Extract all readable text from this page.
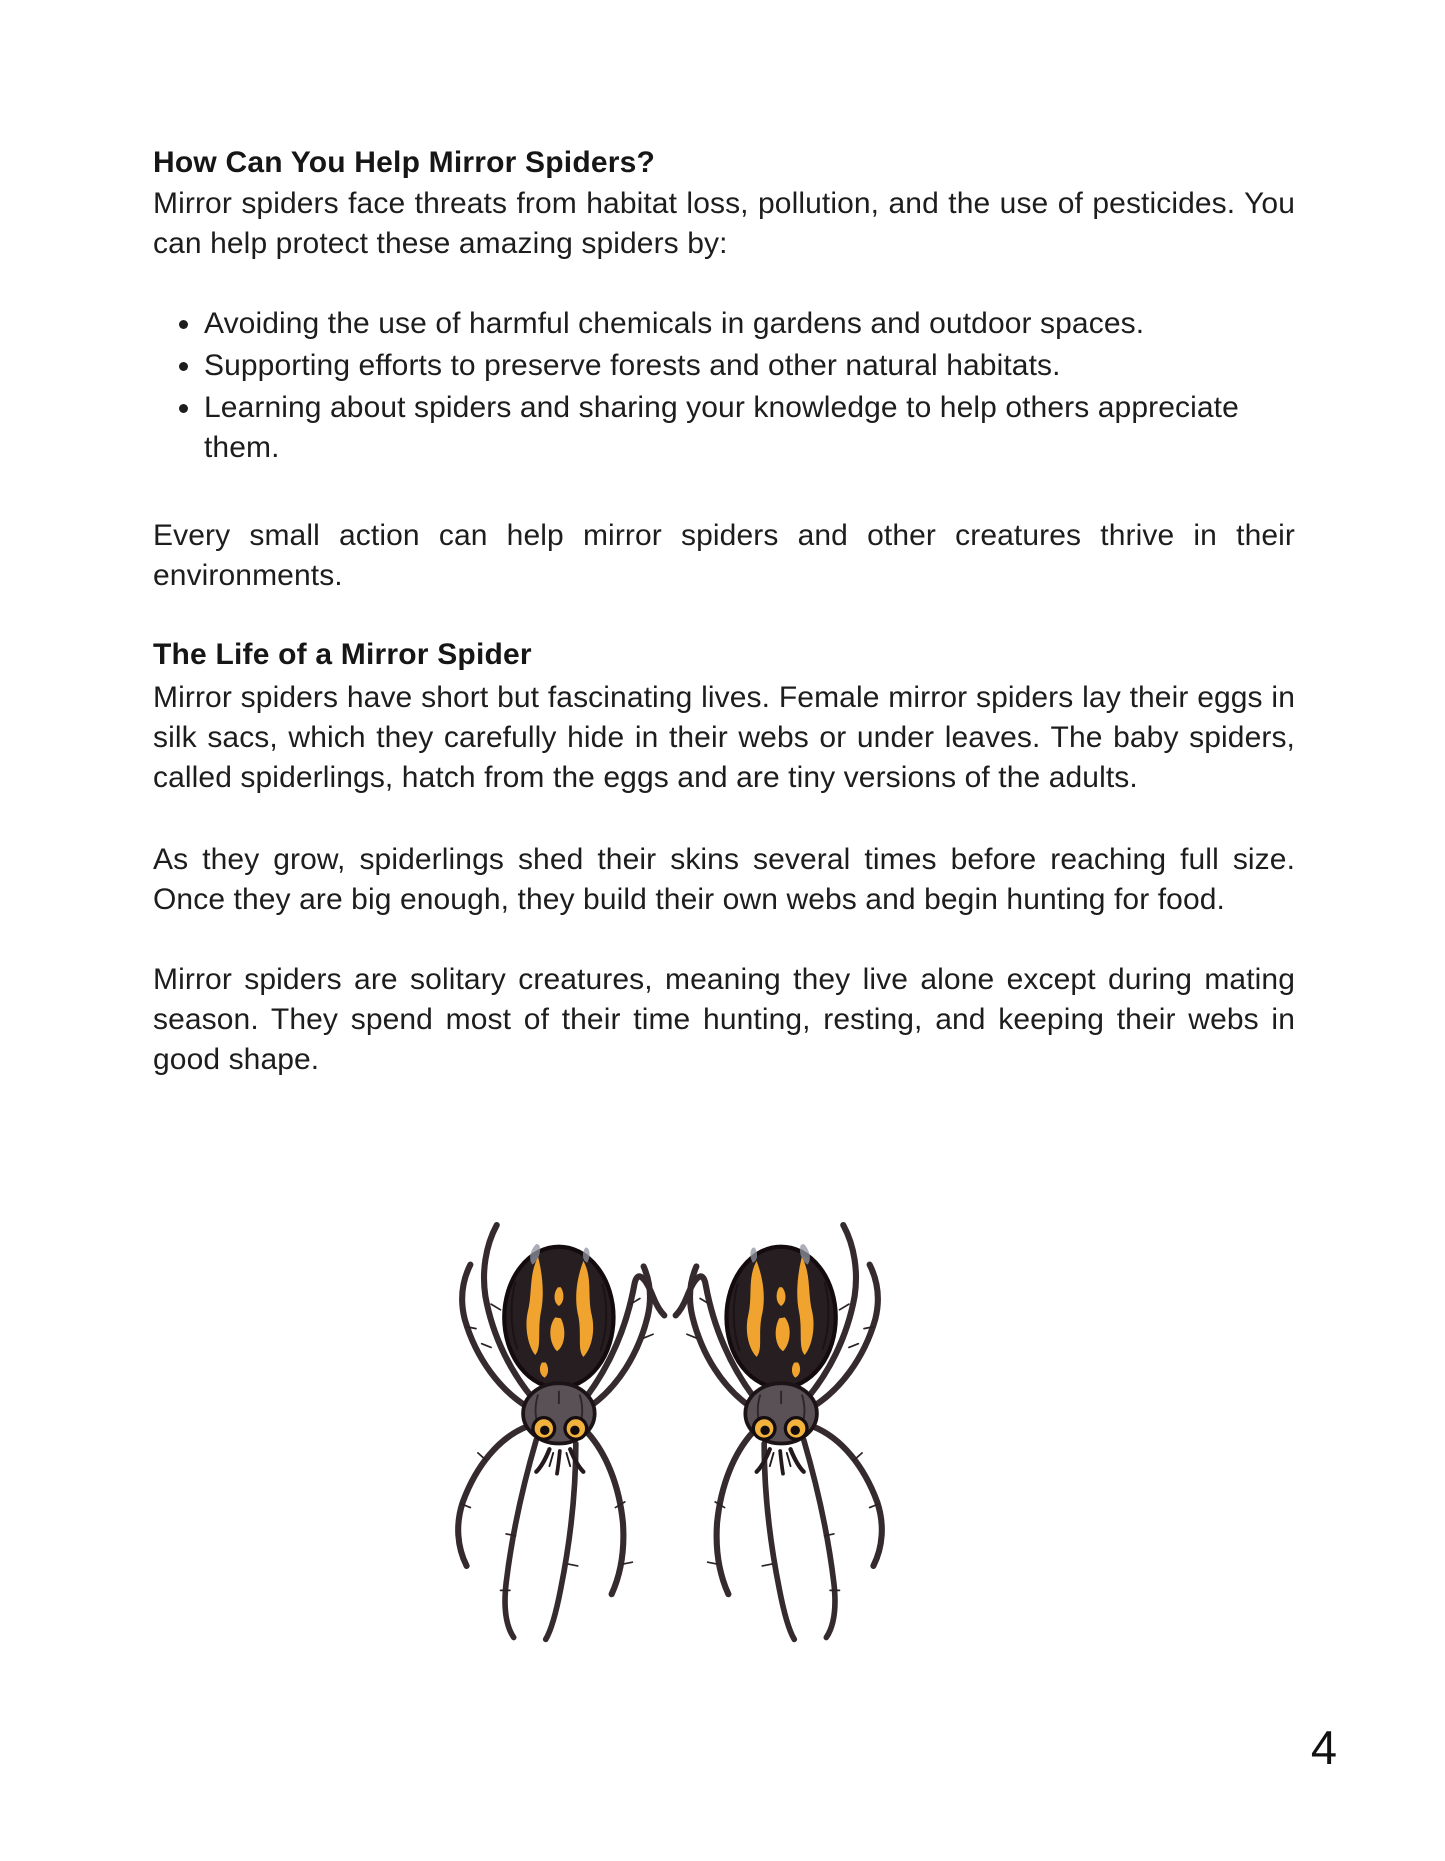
How Can You Help Mirror Spiders?

Mirror spiders face threats from habitat loss, pollution, and the use of pesticides. You can help protect these amazing spiders by:

Avoiding the use of harmful chemicals in gardens and outdoor spaces.
Supporting efforts to preserve forests and other natural habitats.
Learning about spiders and sharing your knowledge to help others appreciate them.

Every small action can help mirror spiders and other creatures thrive in their environments.

The Life of a Mirror Spider

Mirror spiders have short but fascinating lives. Female mirror spiders lay their eggs in silk sacs, which they carefully hide in their webs or under leaves. The baby spiders, called spiderlings, hatch from the eggs and are tiny versions of the adults.

As they grow, spiderlings shed their skins several times before reaching full size. Once they are big enough, they build their own webs and begin hunting for food.

Mirror spiders are solitary creatures, meaning they live alone except during mating season. They spend most of their time hunting, resting, and keeping their webs in good shape.

4
